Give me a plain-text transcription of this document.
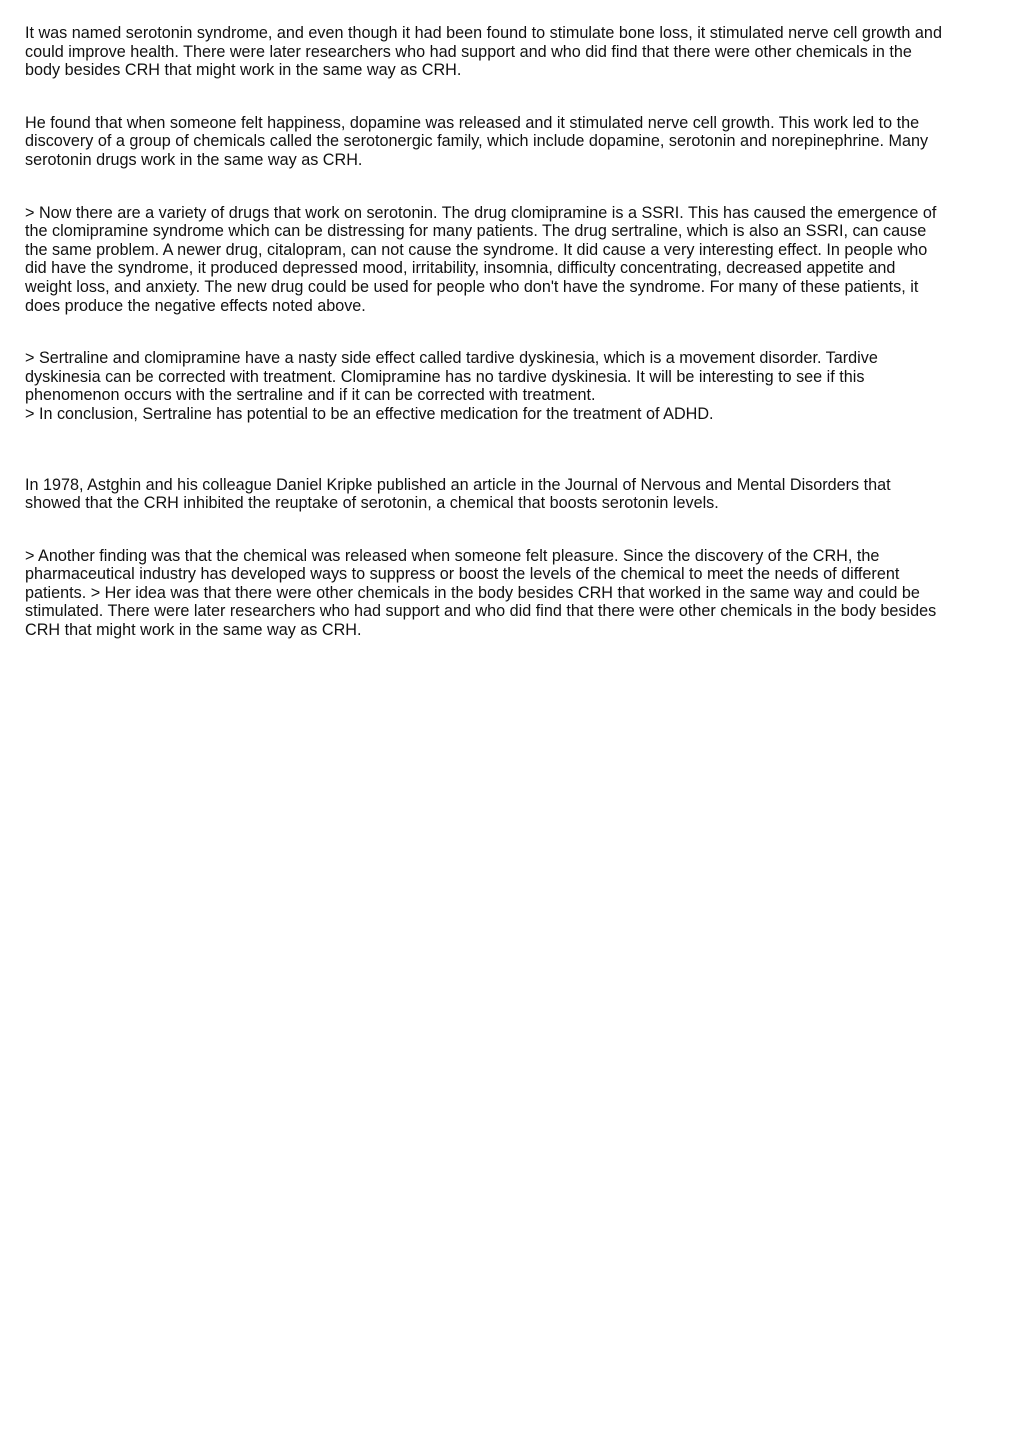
It was named serotonin syndrome, and even though it had been found to stimulate bone loss, it stimulated nerve cell growth and
could improve health. There were later researchers who had support and who did find that there were other chemicals in the
body besides CRH that might work in the same way as CRH.

He found that when someone felt happiness, dopamine was released and it stimulated nerve cell growth. This work led to the
discovery of a group of chemicals called the serotonergic family, which include dopamine, serotonin and norepinephrine. Many
serotonin drugs work in the same way as CRH.

> Now there are a variety of drugs that work on serotonin. The drug clomipramine is a SSRI. This has caused the emergence of
the clomipramine syndrome which can be distressing for many patients. The drug sertraline, which is also an SSRI, can cause
the same problem. A newer drug, citalopram, can not cause the syndrome. It did cause a very interesting effect. In people who
did have the syndrome, it produced depressed mood, irritability, insomnia, difficulty concentrating, decreased appetite and
weight loss, and anxiety. The new drug could be used for people who don't have the syndrome. For many of these patients, it
does produce the negative effects noted above.

> Sertraline and clomipramine have a nasty side effect called tardive dyskinesia, which is a movement disorder. Tardive
dyskinesia can be corrected with treatment. Clomipramine has no tardive dyskinesia. It will be interesting to see if this
phenomenon occurs with the sertraline and if it can be corrected with treatment.
> In conclusion, Sertraline has potential to be an effective medication for the treatment of ADHD.

In 1978, Astghin and his colleague Daniel Kripke published an article in the Journal of Nervous and Mental Disorders that
showed that the CRH inhibited the reuptake of serotonin, a chemical that boosts serotonin levels.

> Another finding was that the chemical was released when someone felt pleasure. Since the discovery of the CRH, the
pharmaceutical industry has developed ways to suppress or boost the levels of the chemical to meet the needs of different
patients. > Her idea was that there were other chemicals in the body besides CRH that worked in the same way and could be
stimulated. There were later researchers who had support and who did find that there were other chemicals in the body besides
CRH that might work in the same way as CRH.
